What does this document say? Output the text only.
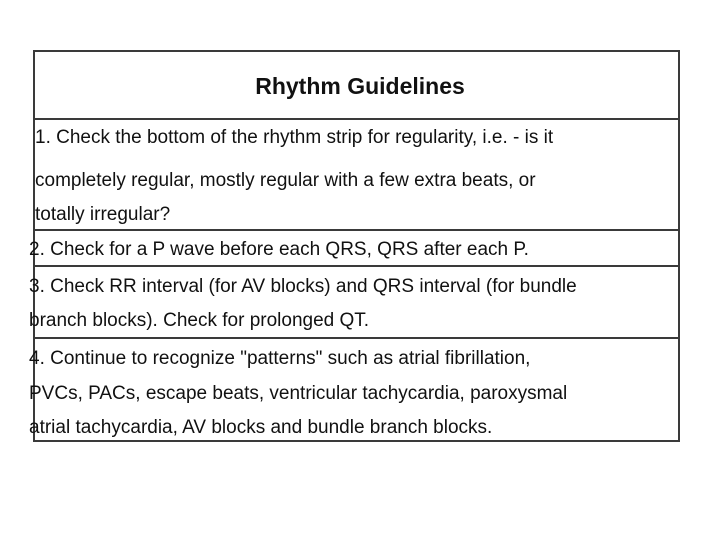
Rhythm Guidelines
1. Check the bottom of the rhythm strip for regularity, i.e. - is it
completely regular, mostly regular with a few extra beats, or
totally irregular?
2. Check for a P wave before each QRS, QRS after each P.
3. Check RR interval (for AV blocks) and QRS interval (for bundle
branch blocks). Check for prolonged QT.
4. Continue to recognize "patterns" such as atrial fibrillation,
PVCs, PACs, escape beats, ventricular tachycardia, paroxysmal
atrial tachycardia, AV blocks and bundle branch blocks.
